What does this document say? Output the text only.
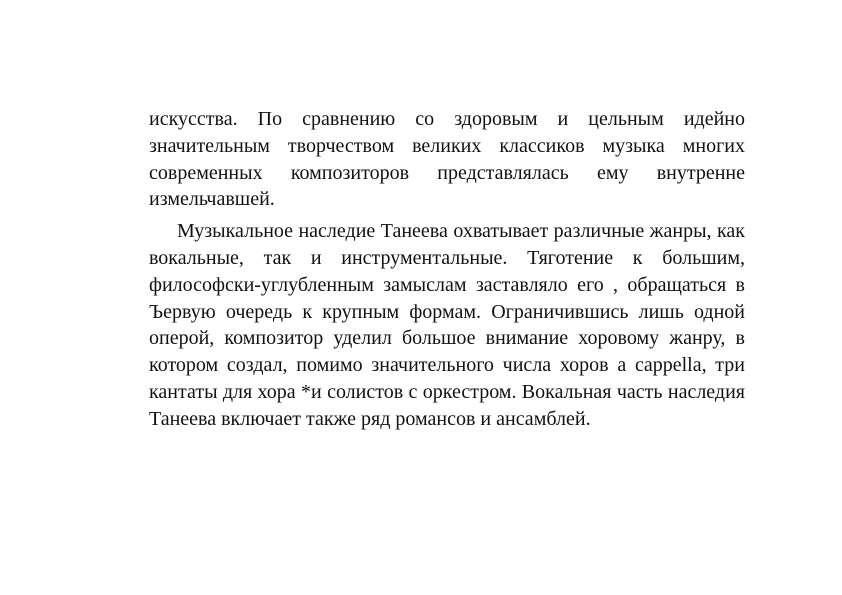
искусства. По сравнению со здоровым и цельным идейно значительным творчеством великих классиков музыка многих современных композиторов представлялась ему внутренне измельчавшей.

Музыкальное наследие Танеева охватывает различные жанры, как вокальные, так и инструментальные. Тяготение к большим, философски-углубленным замыслам заставляло его , обращаться в Ъервую очередь к крупным формам. Ограничившись лишь одной оперой, композитор уделил большое внимание хоровому жанру, в котором создал, помимо значительного числа хоров a cappella, три кантаты для хора *и солистов с оркестром. Вокальная часть наследия Танеева включает также ряд романсов и ансамблей.
